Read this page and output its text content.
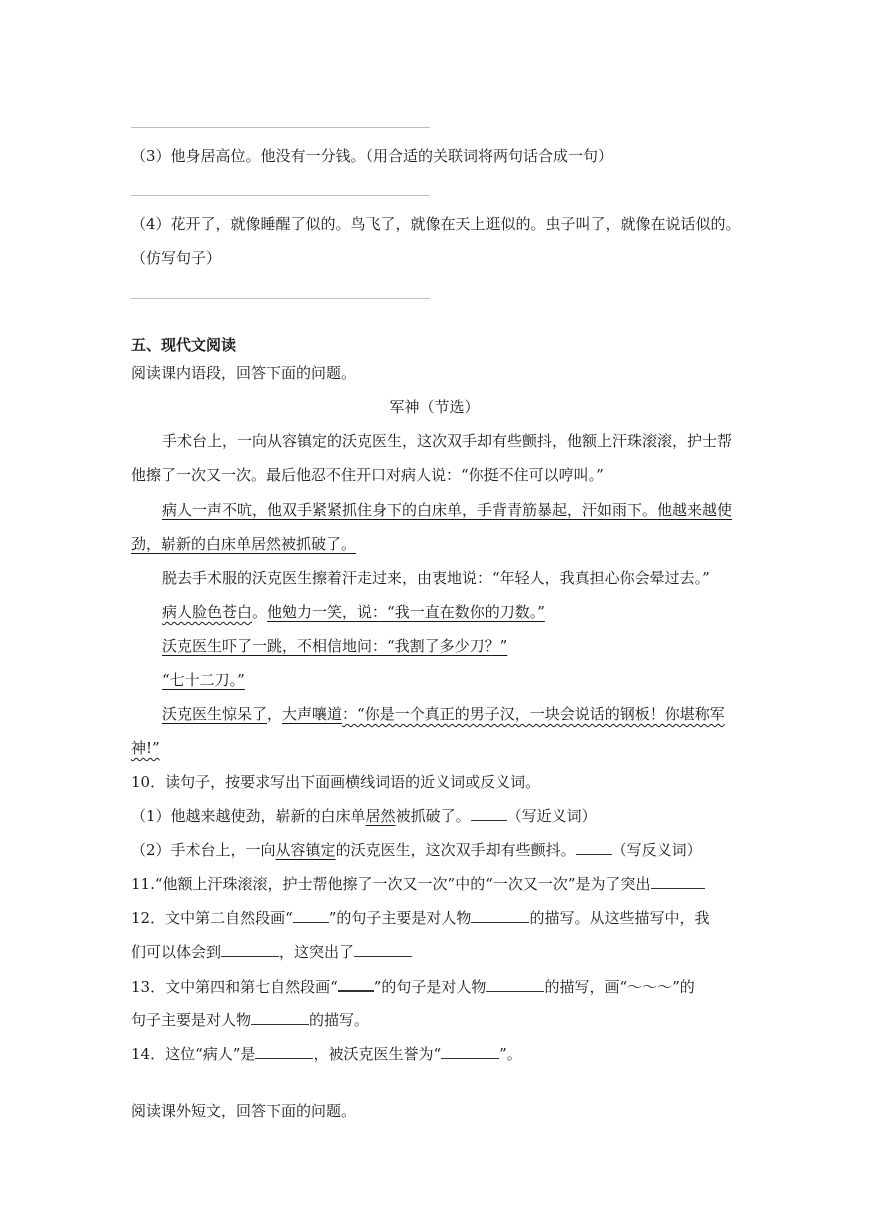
（3）他身居高位。他没有一分钱。（用合适的关联词将两句话合成一句）
（4）花开了，就像睡醒了似的。鸟飞了，就像在天上逛似的。虫子叫了，就像在说话似的。
（仿写句子）
五、现代文阅读
阅读课内语段，回答下面的问题。
军神（节选）
手术台上，一向从容镇定的沃克医生，这次双手却有些颤抖，他额上汗珠滚滚，护士帮
他擦了一次又一次。最后他忍不住开口对病人说：“你挺不住可以哼叫。”
病人一声不吭，他双手紧紧抓住身下的白床单，手背青筋暴起，汗如雨下。他越来越使
劲，崭新的白床单居然被抓破了。
脱去手术服的沃克医生擦着汗走过来，由衷地说：“年轻人，我真担心你会晕过去。”
病人脸色苍白。他勉力一笑，说：“我一直在数你的刀数。”
沃克医生吓了一跳，不相信地问：“我割了多少刀？”
“七十二刀。”
沃克医生惊呆了，大声嚷道：“你是一个真正的男子汉，一块会说话的钢板！你堪称军
神!”
10．读句子，按要求写出下面画横线词语的近义词或反义词。
（1）他越来越使劲，崭新的白床单居然被抓破了。 （写近义词）
（2）手术台上，一向从容镇定的沃克医生，这次双手却有些颤抖。 （写反义词）
11.“他额上汗珠滚滚，护士帮他擦了一次又一次”中的“一次又一次”是为了突出
12．文中第二自然段画“ ”的句子主要是对人物	的描写。从这些描写中，我
们可以体会到	，这突出了
13．文中第四和第七自然段画“ ”的句子是对人物	的描写，画“～～～”的
句子主要是对人物	的描写。
14．这位“病人”是	，被沃克医生誉为“	”。
阅读课外短文，回答下面的问题。
